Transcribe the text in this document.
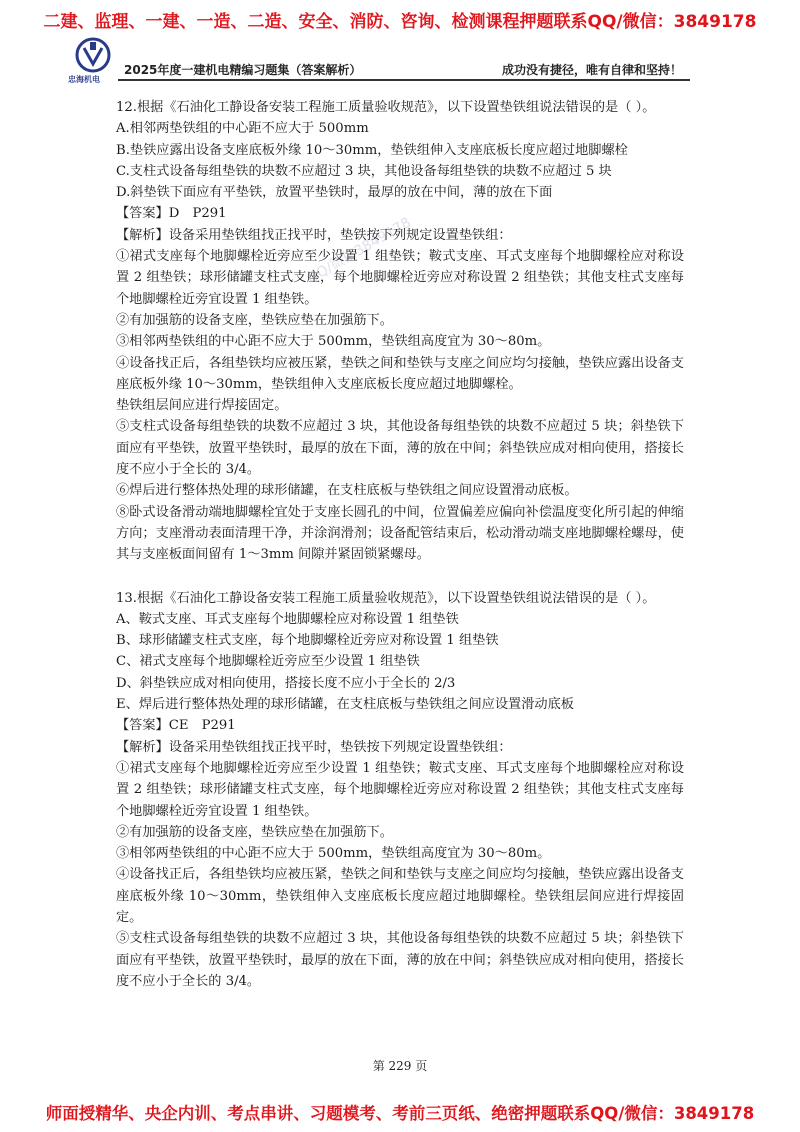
二建、监理、一建、一造、二造、安全、消防、咨询、检测课程押题联系QQ/微信：3849178
忠海机电
2025年度一建机电精编习题集（答案解析）	成功没有捷径，唯有自律和坚持！
QQ/微信3849178

12.根据《石油化工静设备安装工程施工质量验收规范》，以下设置垫铁组说法错误的是（ ）。

A.相邻两垫铁组的中心距不应大于 500mm

B.垫铁应露出设备支座底板外缘 10～30mm，垫铁组伸入支座底板长度应超过地脚螺栓

C.支柱式设备每组垫铁的块数不应超过 3 块，其他设备每组垫铁的块数不应超过 5 块

D.斜垫铁下面应有平垫铁，放置平垫铁时，最厚的放在中间，薄的放在下面

【答案】D　P291

【解析】设备采用垫铁组找正找平时，垫铁按下列规定设置垫铁组：

①裙式支座每个地脚螺栓近旁应至少设置 1 组垫铁；鞍式支座、耳式支座每个地脚螺栓应对称设置 2 组垫铁；球形储罐支柱式支座，每个地脚螺栓近旁应对称设置 2 组垫铁；其他支柱式支座每个地脚螺栓近旁宜设置 1 组垫铁。

②有加强筋的设备支座，垫铁应垫在加强筋下。

③相邻两垫铁组的中心距不应大于 500mm，垫铁组高度宜为 30～80m。

④设备找正后，各组垫铁均应被压紧，垫铁之间和垫铁与支座之间应均匀接触，垫铁应露出设备支座底板外缘 10～30mm，垫铁组伸入支座底板长度应超过地脚螺栓。

垫铁组层间应进行焊接固定。

⑤支柱式设备每组垫铁的块数不应超过 3 块，其他设备每组垫铁的块数不应超过 5 块；斜垫铁下面应有平垫铁，放置平垫铁时，最厚的放在下面，薄的放在中间；斜垫铁应成对相向使用，搭接长度不应小于全长的 3/4。

⑥焊后进行整体热处理的球形储罐，在支柱底板与垫铁组之间应设置滑动底板。

⑧卧式设备滑动端地脚螺栓宜处于支座长圆孔的中间，位置偏差应偏向补偿温度变化所引起的伸缩方向；支座滑动表面清理干净，并涂润滑剂；设备配管结束后，松动滑动端支座地脚螺栓螺母，使其与支座板面间留有 1～3mm 间隙并紧固锁紧螺母。

13.根据《石油化工静设备安装工程施工质量验收规范》，以下设置垫铁组说法错误的是（ ）。

A、鞍式支座、耳式支座每个地脚螺栓应对称设置 1 组垫铁

B、球形储罐支柱式支座，每个地脚螺栓近旁应对称设置 1 组垫铁

C、裙式支座每个地脚螺栓近旁应至少设置 1 组垫铁

D、斜垫铁应成对相向使用，搭接长度不应小于全长的 2/3

E、焊后进行整体热处理的球形储罐，在支柱底板与垫铁组之间应设置滑动底板

【答案】CE　P291

【解析】设备采用垫铁组找正找平时，垫铁按下列规定设置垫铁组：

①裙式支座每个地脚螺栓近旁应至少设置 1 组垫铁；鞍式支座、耳式支座每个地脚螺栓应对称设置 2 组垫铁；球形储罐支柱式支座，每个地脚螺栓近旁应对称设置 2 组垫铁；其他支柱式支座每个地脚螺栓近旁宜设置 1 组垫铁。

②有加强筋的设备支座，垫铁应垫在加强筋下。

③相邻两垫铁组的中心距不应大于 500mm，垫铁组高度宜为 30～80m。

④设备找正后，各组垫铁均应被压紧，垫铁之间和垫铁与支座之间应均匀接触，垫铁应露出设备支座底板外缘 10～30mm，垫铁组伸入支座底板长度应超过地脚螺栓。垫铁组层间应进行焊接固定。

⑤支柱式设备每组垫铁的块数不应超过 3 块，其他设备每组垫铁的块数不应超过 5 块；斜垫铁下面应有平垫铁，放置平垫铁时，最厚的放在下面，薄的放在中间；斜垫铁应成对相向使用，搭接长度不应小于全长的 3/4。

第 229 页
师面授精华、央企内训、考点串讲、习题模考、考前三页纸、绝密押题联系QQ/微信：3849178
